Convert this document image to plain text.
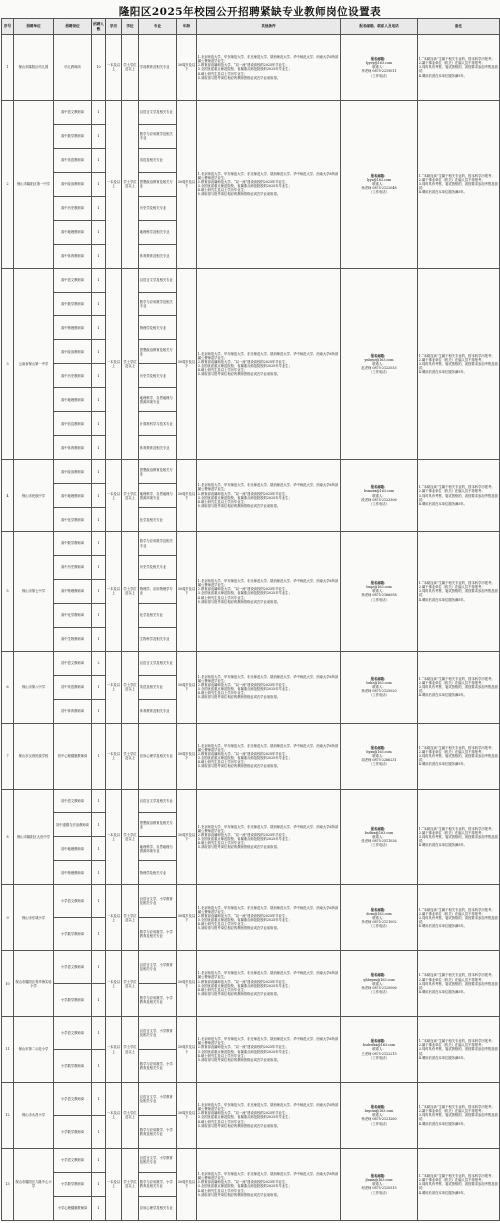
隆阳区2025年校园公开招聘紧缺专业教师岗位设置表
序号	招聘单位	招聘岗位	招聘人数	学历	学位	专业	年龄	其他条件	报名邮箱、联系人及电话	备注
1	保山市隆阳区幼儿园	幼儿教师岗	10	一本及以上	学士学位及以上	学前教育及相关专业	30周岁及以下	1.北京师范大学、华东师范大学、东北师范大学、陕西师范大学、华中师范大学、西南大学6所部属公费师范毕业生；
2.教育部直属师范大学、“双一流”建设高校的2025年毕业生；
3.全国优质重点师范院校、省属重点师范院校的2025年毕业生；
4.硕士研究生及以上学历毕业生；
5.须取得与报考岗位相应的教师资格证或在毕业前取得。	报名邮箱：
lyyey@163.com
联系人：
李老师 0875-2219011
（工作电话）	1.“本硕连读”生属于相关专业的，按本科学历报考；
2.属于事业单位（机关）在编人员不得报考；
3.同时具有考察、笔试资格的，须按要求参加考察及面试；
4.聘用后须在本单位服务满5年。
2	保山市隆阳区第一中学	高中语文教师岗	1	一本及以上	学士学位及以上	汉语言文学及相关专业	30周岁及以下	1.北京师范大学、华东师范大学、东北师范大学、陕西师范大学、华中师范大学、西南大学6所部属公费师范毕业生；
2.教育部直属师范大学、“双一流”建设高校的2025年毕业生；
3.全国优质重点师范院校、省属重点师范院校的2025年毕业生；
4.硕士研究生及以上学历毕业生；
5.须取得与报考岗位相应的教师资格证或在毕业前取得。	报名邮箱：
lyyz@163.com
联系人：
杨老师 0875-2122048
（工作电话）	1.“本硕连读”生属于相关专业的，按本科学历报考；
2.属于事业单位（机关）在编人员不得报考；
3.同时具有考察、笔试资格的，须按要求参加考察及面试；
4.聘用后须在本单位服务满5年。
		高中数学教师岗	1			数学与应用数学及相关专业				
		高中英语教师岗	1			英语及相关专业				
		高中政治教师岗	1			思想政治教育及相关专业				
		高中历史教师岗	1			历史学及相关专业				
		高中地理教师岗	1			地理科学及相关专业				
		高中体育教师岗	1			体育教育及相关专业				
3	云南省保山第一中学	高中语文教师岗	1	一本及以上	学士学位及以上	汉语言文学及相关专业	30周岁及以下	1.北京师范大学、华东师范大学、东北师范大学、陕西师范大学、华中师范大学、西南大学6所部属公费师范毕业生；
2.教育部直属师范大学、“双一流”建设高校的2025年毕业生；
3.全国优质重点师范院校、省属重点师范院校的2025年毕业生；
4.硕士研究生及以上学历毕业生；
5.须取得与报考岗位相应的教师资格证或在毕业前取得。	报名邮箱：
ynbsyz@163.com
联系人：
赵老师 0875-2122033
（工作电话）	1.“本硕连读”生属于相关专业的，按本科学历报考；
2.属于事业单位（机关）在编人员不得报考；
3.同时具有考察、笔试资格的，须按要求参加考察及面试；
4.聘用后须在本单位服务满5年。
		高中数学教师岗	1			数学与应用数学及相关专业				
		高中物理教师岗	1			物理学及相关专业				
		高中政治教师岗	1			思想政治教育及相关专业				
		高中历史教师岗	1			历史学及相关专业				
		高中地理教师岗	1			地理科学、自然地理与资源环境专业				
		高中信息教师岗	1			计算机科学与技术专业				
		高中体育教师岗	1			体育教育及相关专业				
4	保山市民族中学	高中政治教师岗	1	一本及以上	学士学位及以上	思想政治教育及相关专业	30周岁及以下	1.北京师范大学、华东师范大学、东北师范大学、陕西师范大学、华中师范大学、西南大学6所部属公费师范毕业生；
2.教育部直属师范大学、“双一流”建设高校的2025年毕业生；
3.全国优质重点师范院校、省属重点师范院校的2025年毕业生；
4.硕士研究生及以上学历毕业生；
5.须取得与报考岗位相应的教师资格证或在毕业前取得。	报名邮箱：
bsmzzx@163.com
联系人：
段老师 0875-2123306
（工作电话）	1.“本硕连读”生属于相关专业的，按本科学历报考；
2.属于事业单位（机关）在编人员不得报考；
3.同时具有考察、笔试资格的，须按要求参加考察及面试；
4.聘用后须在本单位服务满5年。
		高中地理教师岗	1			地理科学、自然地理与资源环境专业				
		高中化学教师岗	1			化学及相关专业				
5	保山市第七中学	高中数学教师岗	1	一本及以上	学士学位及以上	数学与应用数学及相关专业	30周岁及以下	1.北京师范大学、华东师范大学、东北师范大学、陕西师范大学、华中师范大学、西南大学6所部属公费师范毕业生；
2.教育部直属师范大学、“双一流”建设高校的2025年毕业生；
3.全国优质重点师范院校、省属重点师范院校的2025年毕业生；
4.硕士研究生及以上学历毕业生；
5.须取得与报考岗位相应的教师资格证或在毕业前取得。	报名邮箱：
bsqz@163.com
联系人：
杨老师 0875-2166058
（工作电话）	1.“本硕连读”生属于相关专业的，按本科学历报考；
2.属于事业单位（机关）在编人员不得报考；
3.同时具有考察、笔试资格的，须按要求参加考察及面试；
4.聘用后须在本单位服务满5年。
		高中历史教师岗	1			历史学及相关专业				
		高中物理教师岗	1			物理学、应用物理学专业				
		高中化学教师岗	1			化学及相关专业				
		高中生物教师岗	1			生物科学及相关专业				
6	保山市第八中学	初中语文教师岗	2	一本及以上	学士学位及以上	汉语言文学及相关专业	30周岁及以下	1.北京师范大学、华东师范大学、东北师范大学、陕西师范大学、华中师范大学、西南大学6所部属公费师范毕业生；
2.教育部直属师范大学、“双一流”建设高校的2025年毕业生；
3.全国优质重点师范院校、省属重点师范院校的2025年毕业生；
4.硕士研究生及以上学历毕业生；
5.须取得与报考岗位相应的教师资格证或在毕业前取得。	报名邮箱：
bsbz@163.com
联系人：
杨老师 0875-2125020
（工作电话）	1.“本硕连读”生属于相关专业的，按本科学历报考；
2.属于事业单位（机关）在编人员不得报考；
3.同时具有考察、笔试资格的，须按要求参加考察及面试；
4.聘用后须在本单位服务满5年。
		初中英语教师岗	1			英语及相关专业				
		初中体育教师岗	1			体育教育及相关专业				
7	保山市汉营民族学校	初中心理健康教师岗	1	一本及以上	学士学位及以上	应用心理学及相关专业	30周岁及以下	1.北京师范大学、华东师范大学、东北师范大学、陕西师范大学、华中师范大学、西南大学6所部属公费师范毕业生；
2.教育部直属师范大学、“双一流”建设高校的2025年毕业生；
3.全国优质重点师范院校、省属重点师范院校的2025年毕业生；
4.硕士研究生及以上学历毕业生；
5.须取得与报考岗位相应的教师资格证或在毕业前取得。	报名邮箱：
hyxx@163.com
联系人：
周老师 0875-2266231
（工作电话）	1.“本硕连读”生属于相关专业的，按本科学历报考；
2.属于事业单位（机关）在编人员不得报考；
3.同时具有考察、笔试资格的，须按要求参加考察及面试；
4.聘用后须在本单位服务满5年。
8	保山市隆阳区大田中学	初中语文教师岗	1	一本及以上	学士学位及以上	汉语言文学及相关专业	30周岁及以下	1.北京师范大学、华东师范大学、东北师范大学、陕西师范大学、华中师范大学、西南大学6所部属公费师范毕业生；
2.教育部直属师范大学、“双一流”建设高校的2025年毕业生；
3.全国优质重点师范院校、省属重点师范院校的2025年毕业生；
4.硕士研究生及以上学历毕业生；
5.须取得与报考岗位相应的教师资格证或在毕业前取得。	报名邮箱：
bsdtzx@163.com
联系人：
张老师 0875-2511026
（工作电话）	1.“本硕连读”生属于相关专业的，按本科学历报考；
2.属于事业单位（机关）在编人员不得报考；
3.同时具有考察、笔试资格的，须按要求参加考察及面试；
4.聘用后须在本单位服务满5年。
		初中道德与法治教师岗	1			思想政治教育及相关专业				
		初中地理教师岗	1			地理科学、自然地理与资源环境专业				
		初中物理教师岗	1			物理学及相关专业				
9	保山市东城小学	小学语文教师岗	1	一本及以上	学士学位及以上	汉语言文学、小学教育及相关专业	30周岁及以下	1.北京师范大学、华东师范大学、东北师范大学、陕西师范大学、华中师范大学、西南大学6所部属公费师范毕业生；
2.教育部直属师范大学、“双一流”建设高校的2025年毕业生；
3.全国优质重点师范院校、省属重点师范院校的2025年毕业生；
4.硕士研究生及以上学历毕业生；
5.须取得与报考岗位相应的教师资格证或在毕业前取得。	报名邮箱：
dcxx@163.com
联系人：
李老师 0875-2121002
（工作电话）	1.“本硕连读”生属于相关专业的，按本科学历报考；
2.属于事业单位（机关）在编人员不得报考；
3.同时具有考察、笔试资格的，须按要求参加考察及面试；
4.聘用后须在本单位服务满5年。
		小学数学教师岗	1			数学与应用数学、小学教育及相关专业				
10	保山市隆阳区青华海实验小学	小学语文教师岗	1	一本及以上	学士学位及以上	汉语言文学、小学教育及相关专业	30周岁及以下	1.北京师范大学、华东师范大学、东北师范大学、陕西师范大学、华中师范大学、西南大学6所部属公费师范毕业生；
2.教育部直属师范大学、“双一流”建设高校的2025年毕业生；
3.全国优质重点师范院校、省属重点师范院校的2025年毕业生；
4.硕士研究生及以上学历毕业生；
5.须取得与报考岗位相应的教师资格证或在毕业前取得。	报名邮箱：
qhhsyxx@163.com
联系人：
杨老师 0875-2125006
（工作电话）	1.“本硕连读”生属于相关专业的，按本科学历报考；
2.属于事业单位（机关）在编人员不得报考；
3.同时具有考察、笔试资格的，须按要求参加考察及面试；
4.聘用后须在本单位服务满5年。
		小学数学教师岗	1			数学与应用数学、小学教育及相关专业				
11	保山市第二示范小学	小学语文教师岗	1	一本及以上	学士学位及以上	汉语言文学、小学教育及相关专业	30周岁及以下	1.北京师范大学、华东师范大学、东北师范大学、陕西师范大学、华中师范大学、西南大学6所部属公费师范毕业生；
2.教育部直属师范大学、“双一流”建设高校的2025年毕业生；
3.全国优质重点师范院校、省属重点师范院校的2025年毕业生；
4.硕士研究生及以上学历毕业生；
5.须取得与报考岗位相应的教师资格证或在毕业前取得。	报名邮箱：
bsdesfxx@163.com
联系人：
王老师 0875-2122215
（工作电话）	1.“本硕连读”生属于相关专业的，按本科学历报考；
2.属于事业单位（机关）在编人员不得报考；
3.同时具有考察、笔试资格的，须按要求参加考察及面试；
4.聘用后须在本单位服务满5年。
		小学数学教师岗	1			数学与应用数学、小学教育及相关专业				
12	保山市永昌小学	小学语文教师岗	1	一本及以上	学士学位及以上	汉语言文学、小学教育及相关专业	30周岁及以下	1.北京师范大学、华东师范大学、东北师范大学、陕西师范大学、华中师范大学、西南大学6所部属公费师范毕业生；
2.教育部直属师范大学、“双一流”建设高校的2025年毕业生；
3.全国优质重点师范院校、省属重点师范院校的2025年毕业生；
4.硕士研究生及以上学历毕业生；
5.须取得与报考岗位相应的教师资格证或在毕业前取得。	报名邮箱：
bsycxx@163.com
联系人：
杨老师 0875-2121260
（工作电话）	1.“本硕连读”生属于相关专业的，按本科学历报考；
2.属于事业单位（机关）在编人员不得报考；
3.同时具有考察、笔试资格的，须按要求参加考察及面试；
4.聘用后须在本单位服务满5年。
		小学数学教师岗	1			数学与应用数学、小学教育及相关专业				
13	保山市隆阳区九隆中心小学	小学语文教师岗	1	一本及以上	学士学位及以上	汉语言文学、小学教育及相关专业	30周岁及以下	1.北京师范大学、华东师范大学、东北师范大学、陕西师范大学、华中师范大学、西南大学6所部属公费师范毕业生；
2.教育部直属师范大学、“双一流”建设高校的2025年毕业生；
3.全国优质重点师范院校、省属重点师范院校的2025年毕业生；
4.硕士研究生及以上学历毕业生；
5.须取得与报考岗位相应的教师资格证或在毕业前取得。	报名邮箱：
jlzxxx@163.com
联系人：
何老师 0875-2120515
（工作电话）	1.“本硕连读”生属于相关专业的，按本科学历报考；
2.属于事业单位（机关）在编人员不得报考；
3.同时具有考察、笔试资格的，须按要求参加考察及面试；
4.聘用后须在本单位服务满5年。
		小学数学教师岗	1			数学与应用数学、小学教育及相关专业				
		小学心理健康教师岗	1			应用心理学及相关专业				
